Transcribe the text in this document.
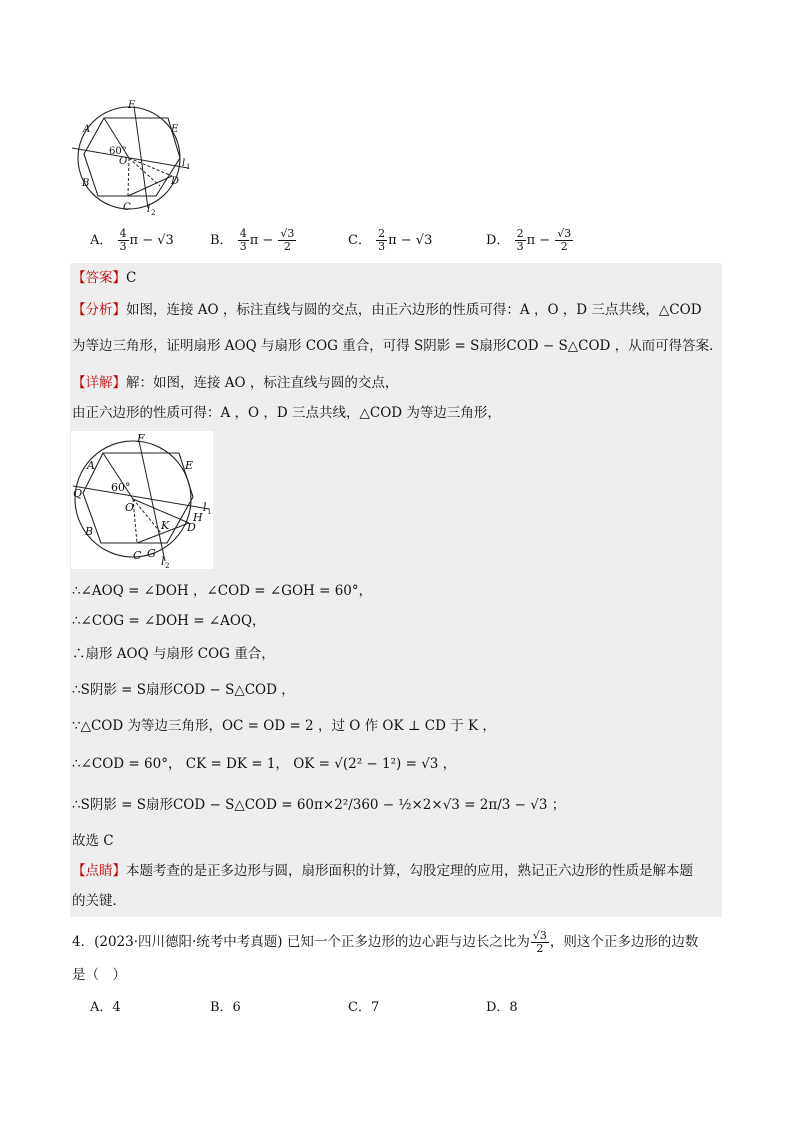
F
A	E
60°
O	l 1
B	D
C l 2
A． $\frac{4}{3}$ π − √3	B． $\frac{4}{3}$ $\pi - \frac{√3}{2}$	C． $\frac{2}{3}$ π − √3	D． $\frac{2}{3}$ $\pi - \frac{√3}{2}$
【答案】C
【分析】如图，连接 AO ，标注直线与圆的交点，由正六边形的性质可得：A ，O ，D 三点共线，△COD
为等边三角形，证明扇形 AOQ 与扇形 COG 重合，可得 S阴影 = S扇形COD − S△COD ，从而可得答案．
【详解】解：如图，连接 AO ，标注直线与圆的交点，
由正六边形的性质可得：A ，O ，D 三点共线，△COD 为等边三角形，
F
A	E
Q	60°
O
H
l 1
D
K
B
C G
l 2
∴∠AOQ = ∠DOH ，∠COD = ∠GOH = 60°，
∴∠COG = ∠DOH = ∠AOQ，
∴扇形 AOQ 与扇形 COG 重合，
∴S阴影 = S扇形COD − S△COD ，
∵△COD 为等边三角形，OC = OD = 2 ，过 O 作 OK ⊥ CD 于 K ，
∴∠COD = 60°， CK = DK = 1， OK = √(2² − 1²) = √3 ，
∴S阴影 = S扇形COD − S△COD = 60π×2²/360 − ½×2×√3 = 2π/3 − √3 ；
故选 C
【点睛】本题考查的是正多边形与圆，扇形面积的计算，勾股定理的应用，熟记正六边形的性质是解本题
的关键．
4．(2023·四川德阳·统考中考真题) 已知一个正多边形的边心距与边长之比为 $\frac{√3}{2}$ ，则这个正多边形的边数
是（　）
A．4	B．6	C．7	D．8
